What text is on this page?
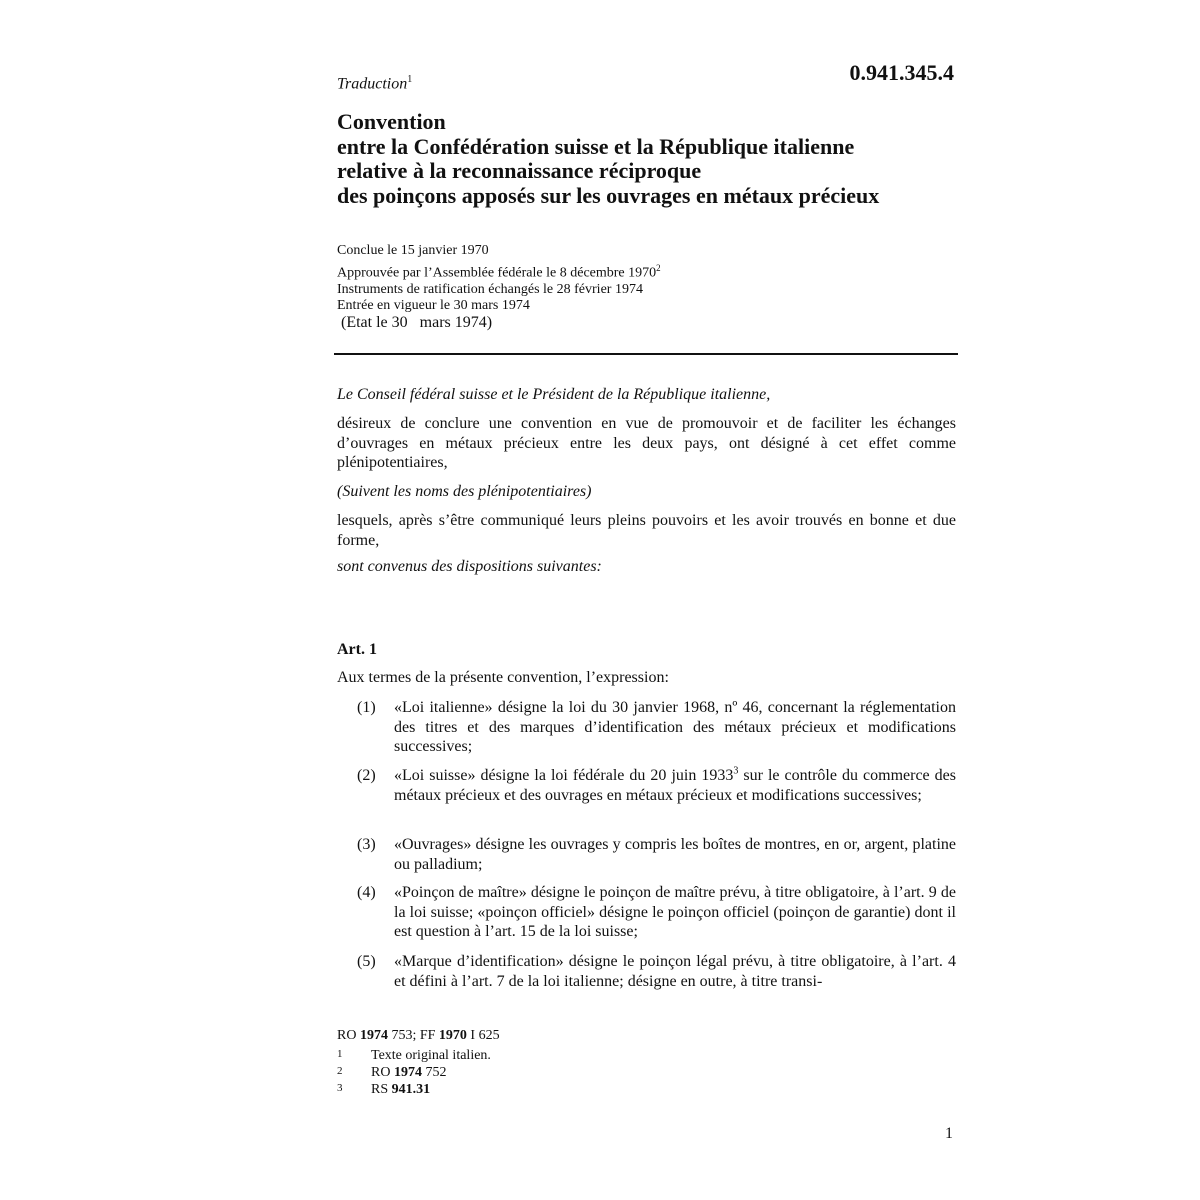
Traduction$^1$	0.941.345.4
Convention
entre la Confédération suisse et la République italienne
relative à la reconnaissance réciproque
des poinçons apposés sur les ouvrages en métaux précieux
Conclue le 15 janvier 1970
Approuvée par l’Assemblée fédérale le 8 décembre 1970$^2$
Instruments de ratification échangés le 28 février 1974
Entrée en vigueur le 30 mars 1974
(Etat le 30   mars 1974)
Le Conseil fédéral suisse et le Président de la République italienne,
désireux de conclure une convention en vue de promouvoir et de faciliter les échanges d’ouvrages en métaux précieux entre les deux pays, ont désigné à cet effet comme plénipotentiaires,
(Suivent les noms des plénipotentiaires)
lesquels, après s’être communiqué leurs pleins pouvoirs et les avoir trouvés en bonne et due forme,
sont convenus des dispositions suivantes:
Art. 1
Aux termes de la présente convention, l’expression:
(1) «Loi italienne» désigne la loi du 30 janvier 1968, nº 46, concernant la réglementation des titres et des marques d’identification des métaux précieux et modifications successives;
(2) «Loi suisse» désigne la loi fédérale du 20 juin 1933$^3$ sur le contrôle du commerce des métaux précieux et des ouvrages en métaux précieux et modifications successives;
(3) «Ouvrages» désigne les ouvrages y compris les boîtes de montres, en or, argent, platine ou palladium;
(4) «Poinçon de maître» désigne le poinçon de maître prévu, à titre obligatoire, à l’art. 9 de la loi suisse; «poinçon officiel» désigne le poinçon officiel (poinçon de garantie) dont il est question à l’art. 15 de la loi suisse;
(5) «Marque d’identification» désigne le poinçon légal prévu, à titre obligatoire, à l’art. 4 et défini à l’art. 7 de la loi italienne; désigne en outre, à titre transi-
RO 1974 753; FF 1970 I 625
1 Texte original italien.
2 RO 1974 752
3 RS 941.31
1
